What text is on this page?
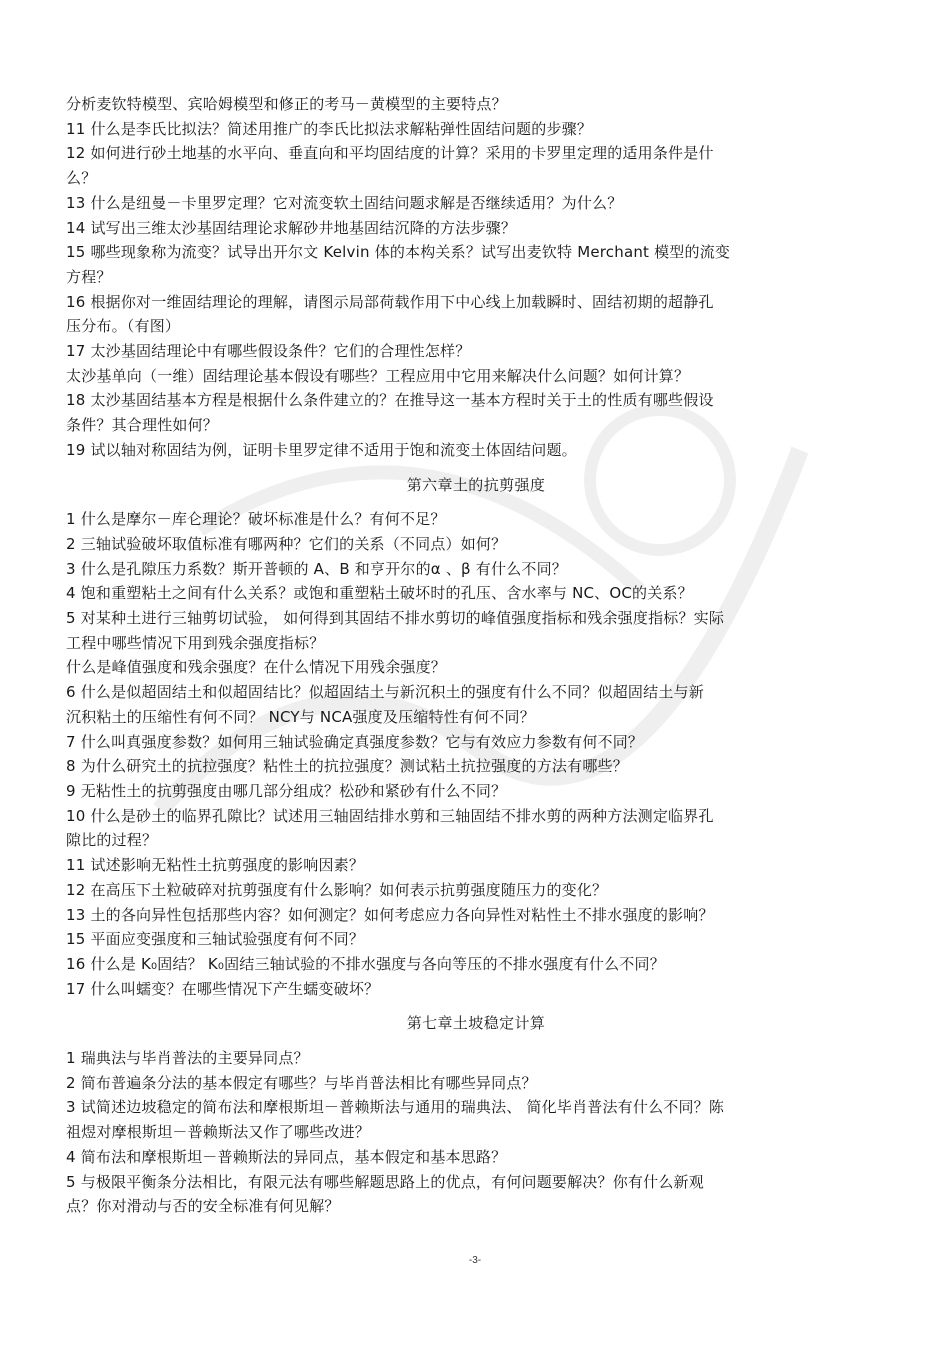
分析麦钦特模型、宾哈姆模型和修正的考马－黄模型的主要特点？
11 什么是李氏比拟法？简述用推广的李氏比拟法求解粘弹性固结问题的步骤？
12 如何进行砂土地基的水平向、垂直向和平均固结度的计算？采用的卡罗里定理的适用条件是什
么？
13 什么是纽曼－卡里罗定理？它对流变软土固结问题求解是否继续适用？为什么？
14 试写出三维太沙基固结理论求解砂井地基固结沉降的方法步骤？
15 哪些现象称为流变？试导出开尔文 Kelvin 体的本构关系？试写出麦钦特 Merchant 模型的流变
方程？
16 根据你对一维固结理论的理解，请图示局部荷载作用下中心线上加载瞬时、固结初期的超静孔
压分布。（有图）
17 太沙基固结理论中有哪些假设条件？它们的合理性怎样？
太沙基单向（一维）固结理论基本假设有哪些？工程应用中它用来解决什么问题？如何计算？
18 太沙基固结基本方程是根据什么条件建立的？在推导这一基本方程时关于土的性质有哪些假设
条件？其合理性如何？
19 试以轴对称固结为例，证明卡里罗定律不适用于饱和流变土体固结问题。
第六章土的抗剪强度
1 什么是摩尔－库仑理论？破坏标准是什么？有何不足？
2 三轴试验破坏取值标准有哪两种？它们的关系（不同点）如何？
3 什么是孔隙压力系数？斯开普顿的 A、B 和亨开尔的α 、β 有什么不同？
4 饱和重塑粘土之间有什么关系？或饱和重塑粘土破坏时的孔压、含水率与 NC、OC的关系？
5 对某种土进行三轴剪切试验， 如何得到其固结不排水剪切的峰值强度指标和残余强度指标？实际
工程中哪些情况下用到残余强度指标？
什么是峰值强度和残余强度？在什么情况下用残余强度？
6 什么是似超固结土和似超固结比？似超固结土与新沉积土的强度有什么不同？似超固结土与新
沉积粘土的压缩性有何不同？ NCY与 NCA强度及压缩特性有何不同？
7 什么叫真强度参数？如何用三轴试验确定真强度参数？它与有效应力参数有何不同？
8 为什么研究土的抗拉强度？粘性土的抗拉强度？测试粘土抗拉强度的方法有哪些？
9 无粘性土的抗剪强度由哪几部分组成？松砂和紧砂有什么不同？
10 什么是砂土的临界孔隙比？试述用三轴固结排水剪和三轴固结不排水剪的两种方法测定临界孔
隙比的过程？
11 试述影响无粘性土抗剪强度的影响因素？
12 在高压下土粒破碎对抗剪强度有什么影响？如何表示抗剪强度随压力的变化？
13 土的各向异性包括那些内容？如何测定？如何考虑应力各向异性对粘性土不排水强度的影响？
15 平面应变强度和三轴试验强度有何不同？
16 什么是 K₀固结？ K₀固结三轴试验的不排水强度与各向等压的不排水强度有什么不同？
17 什么叫蠕变？在哪些情况下产生蠕变破坏？
第七章土坡稳定计算
1 瑞典法与毕肖普法的主要异同点？
2 简布普遍条分法的基本假定有哪些？与毕肖普法相比有哪些异同点？
3 试简述边坡稳定的简布法和摩根斯坦－普赖斯法与通用的瑞典法、 简化毕肖普法有什么不同？陈
祖煜对摩根斯坦－普赖斯法又作了哪些改进？
4 简布法和摩根斯坦－普赖斯法的异同点，基本假定和基本思路？
5 与极限平衡条分法相比，有限元法有哪些解题思路上的优点，有何问题要解决？你有什么新观
点？你对滑动与否的安全标准有何见解？
-3-
